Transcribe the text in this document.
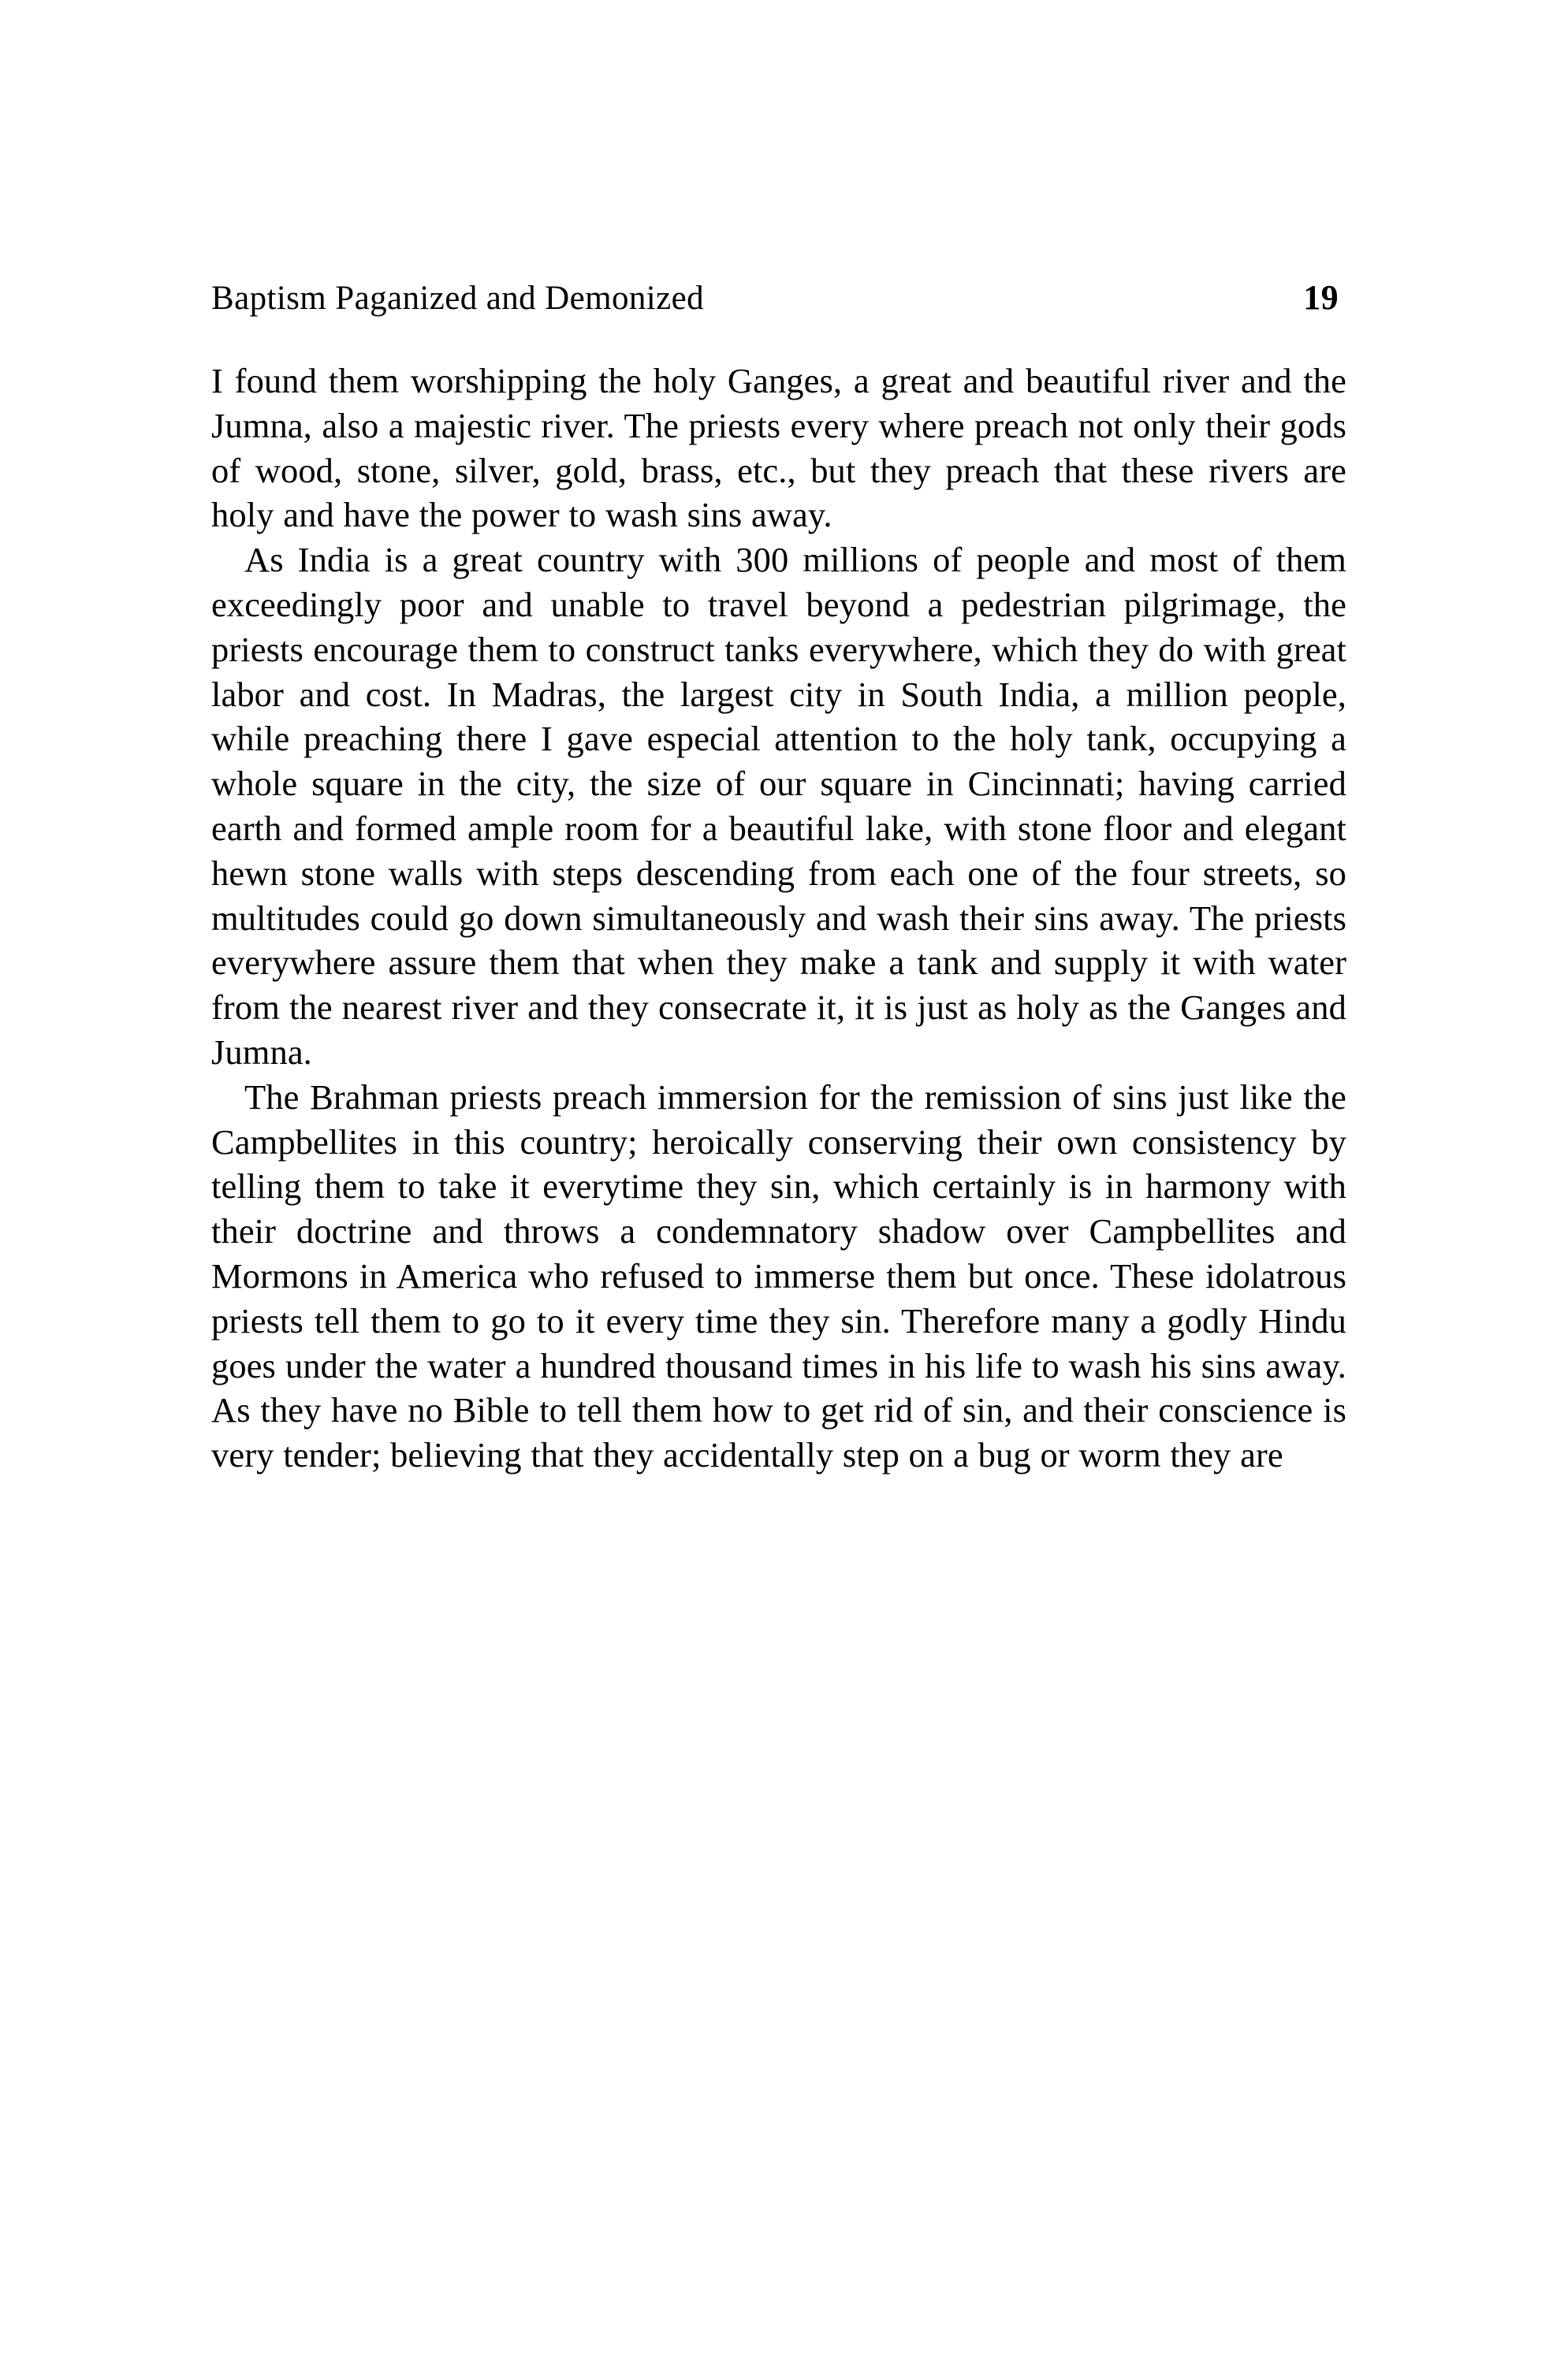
Baptism Paganized and Demonized	19

I found them worshipping the holy Ganges, a great and beautiful river and the Jumna, also a majestic river. The priests every where preach not only their gods of wood, stone, silver, gold, brass, etc., but they preach that these rivers are holy and have the power to wash sins away.

As India is a great country with 300 millions of people and most of them exceedingly poor and unable to travel beyond a pedestrian pilgrimage, the priests encourage them to construct tanks everywhere, which they do with great labor and cost. In Madras, the largest city in South India, a million people, while preaching there I gave especial attention to the holy tank, occupying a whole square in the city, the size of our square in Cincinnati; having carried earth and formed ample room for a beautiful lake, with stone floor and elegant hewn stone walls with steps descending from each one of the four streets, so multitudes could go down simultaneously and wash their sins away. The priests everywhere assure them that when they make a tank and supply it with water from the nearest river and they consecrate it, it is just as holy as the Ganges and Jumna.

The Brahman priests preach immersion for the remission of sins just like the Campbellites in this country; heroically conserving their own consistency by telling them to take it everytime they sin, which certainly is in harmony with their doctrine and throws a condemnatory shadow over Campbellites and Mormons in America who refused to immerse them but once. These idolatrous priests tell them to go to it every time they sin. Therefore many a godly Hindu goes under the water a hundred thousand times in his life to wash his sins away. As they have no Bible to tell them how to get rid of sin, and their conscience is very tender; believing that they accidentally step on a bug or worm they are
